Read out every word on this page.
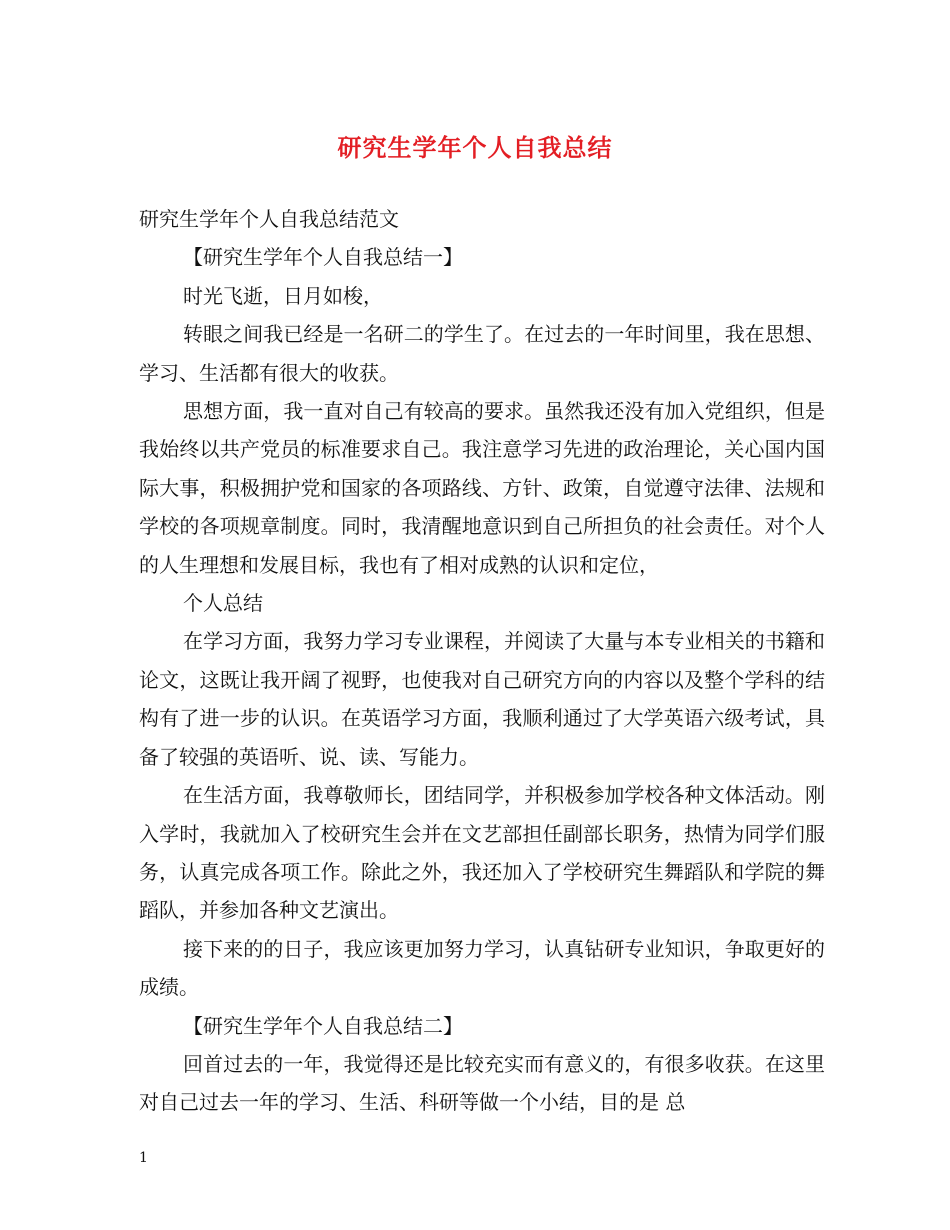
研究生学年个人自我总结

研究生学年个人自我总结范文

【研究生学年个人自我总结一】

时光飞逝，日月如梭，

转眼之间我已经是一名研二的学生了。在过去的一年时间里，我在思想、学习、生活都有很大的收获。

思想方面，我一直对自己有较高的要求。虽然我还没有加入党组织，但是我始终以共产党员的标准要求自己。我注意学习先进的政治理论，关心国内国际大事，积极拥护党和国家的各项路线、方针、政策，自觉遵守法律、法规和学校的各项规章制度。同时，我清醒地意识到自己所担负的社会责任。对个人的人生理想和发展目标，我也有了相对成熟的认识和定位，

个人总结

在学习方面，我努力学习专业课程，并阅读了大量与本专业相关的书籍和论文，这既让我开阔了视野，也使我对自己研究方向的内容以及整个学科的结构有了进一步的认识。在英语学习方面，我顺利通过了大学英语六级考试，具备了较强的英语听、说、读、写能力。

在生活方面，我尊敬师长，团结同学，并积极参加学校各种文体活动。刚入学时，我就加入了校研究生会并在文艺部担任副部长职务，热情为同学们服务，认真完成各项工作。除此之外，我还加入了学校研究生舞蹈队和学院的舞蹈队，并参加各种文艺演出。

接下来的的日子，我应该更加努力学习，认真钻研专业知识，争取更好的成绩。

【研究生学年个人自我总结二】

回首过去的一年，我觉得还是比较充实而有意义的，有很多收获。在这里对自己过去一年的学习、生活、科研等做一个小结，目的是 总

1
